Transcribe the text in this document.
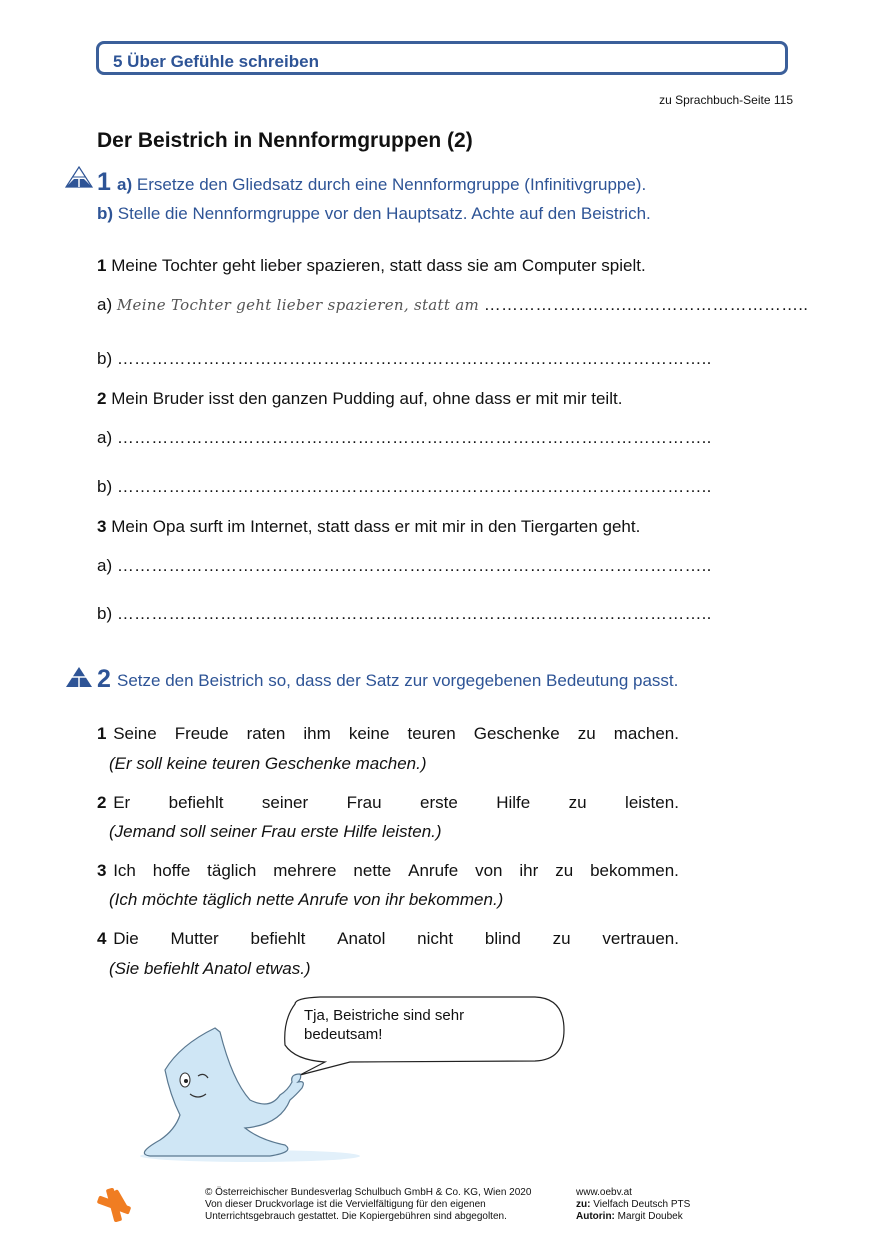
5 Über Gefühle schreiben
zu Sprachbuch-Seite 115
Der Beistrich in Nennformgruppen (2)
1 a) Ersetze den Gliedsatz durch eine Nennformgruppe (Infinitivgruppe).
b) Stelle die Nennformgruppe vor den Hauptsatz. Achte auf den Beistrich.
1 Meine Tochter geht lieber spazieren, statt dass sie am Computer spielt.
a) Meine Tochter geht lieber spazieren, statt am …………………….…………………………..
b) …………………………………………………………………………………………..
2 Mein Bruder isst den ganzen Pudding auf, ohne dass er mit mir teilt.
a) …………………………………………………………………………………………..
b) …………………………………………………………………………………………..
3 Mein Opa surft im Internet, statt dass er mit mir in den Tiergarten geht.
a) …………………………………………………………………………………………..
b) …………………………………………………………………………………………..
2 Setze den Beistrich so, dass der Satz zur vorgegebenen Bedeutung passt.
1 Seine Freude raten ihm keine teuren Geschenke zu machen.
(Er soll keine teuren Geschenke machen.)
2 Er befiehlt seiner Frau erste Hilfe zu leisten.
(Jemand soll seiner Frau erste Hilfe leisten.)
3 Ich hoffe täglich mehrere nette Anrufe von ihr zu bekommen.
(Ich möchte täglich nette Anrufe von ihr bekommen.)
4 Die Mutter befiehlt Anatol nicht blind zu vertrauen.
(Sie befiehlt Anatol etwas.)
Tja, Beistriche sind sehr bedeutsam!
© Österreichischer Bundesverlag Schulbuch GmbH & Co. KG, Wien 2020
Von dieser Druckvorlage ist die Vervielfältigung für den eigenen
Unterrichtsgebrauch gestattet. Die Kopiergebühren sind abgegolten.
www.oebv.at
zu: Vielfach Deutsch PTS
Autorin: Margit Doubek
